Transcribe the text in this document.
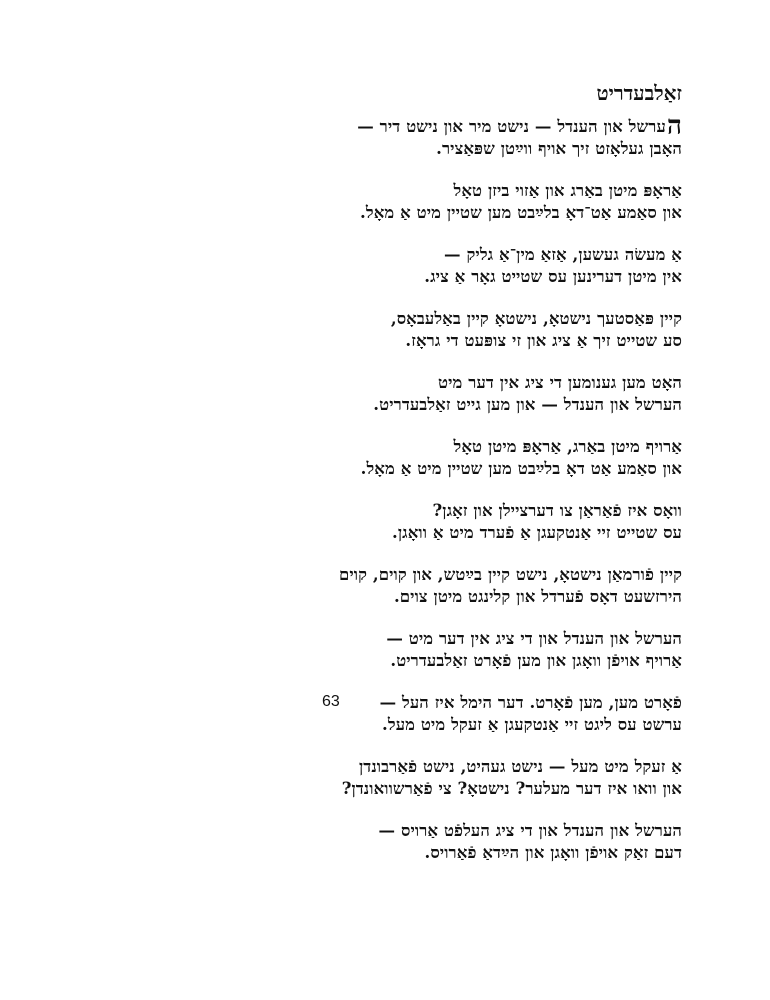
זאַלבעדריט
הערשל און הענדל — נישט מיר און נישט דיר —
האָבן געלאָזט זיך אויף ווײַטן שפּאַציר.
אַראָפּ מיטן באַרג און אַזוי ביזן טאָל
און סאַמע אַט־דאָ בלײַבט מען שטיין מיט אַ מאָל.
אַ מעשׂה געשען, אַזאַ מין־אַ גליק —
אין מיטן דערינען עס שטייט גאָר אַ ציג.
קיין פּאַסטעך נישטאָ, נישטאָ קיין באַלעבאָס,
סע שטייט זיך אַ ציג און זי צופּעט די גראָז.
האָט מען גענומען די ציג אין דער מיט
הערשל און הענדל — און מען גייט זאַלבעדריט.
אַרויף מיטן באַרג, אַראָפּ מיטן טאָל
און סאַמע אַט דאָ בלײַבט מען שטיין מיט אַ מאָל.
וואָס איז פֿאַראַן צו דערציילן און זאָגן?
עס שטייט זיי אַנטקעגן אַ פֿערד מיט אַ וואָגן.
קיין פֿורמאַן נישטאָ, נישט קיין בײַטש, און קוים, קוים
הירזשעט דאָס פֿערדל און קלינגט מיטן צוים.
הערשל און הענדל און די ציג אין דער מיט —
אַרויף אויפֿן וואָגן און מען פֿאָרט זאַלבעדריט.
פֿאָרט מען, מען פֿאָרט. דער הימל איז העל —
ערשט עס ליגט זיי אַנטקעגן אַ זעקל מיט מעל.
אַ זעקל מיט מעל — נישט געהיט, נישט פֿאַרבונדן
און וואו איז דער מעלער? נישטאָ? צי פֿאַרשוואונדן?
הערשל און הענדל און די ציג העלפֿט אַרויס —
דעם זאַק אויפֿן וואָגן און הײַדאַ פֿאַרויס.
63
